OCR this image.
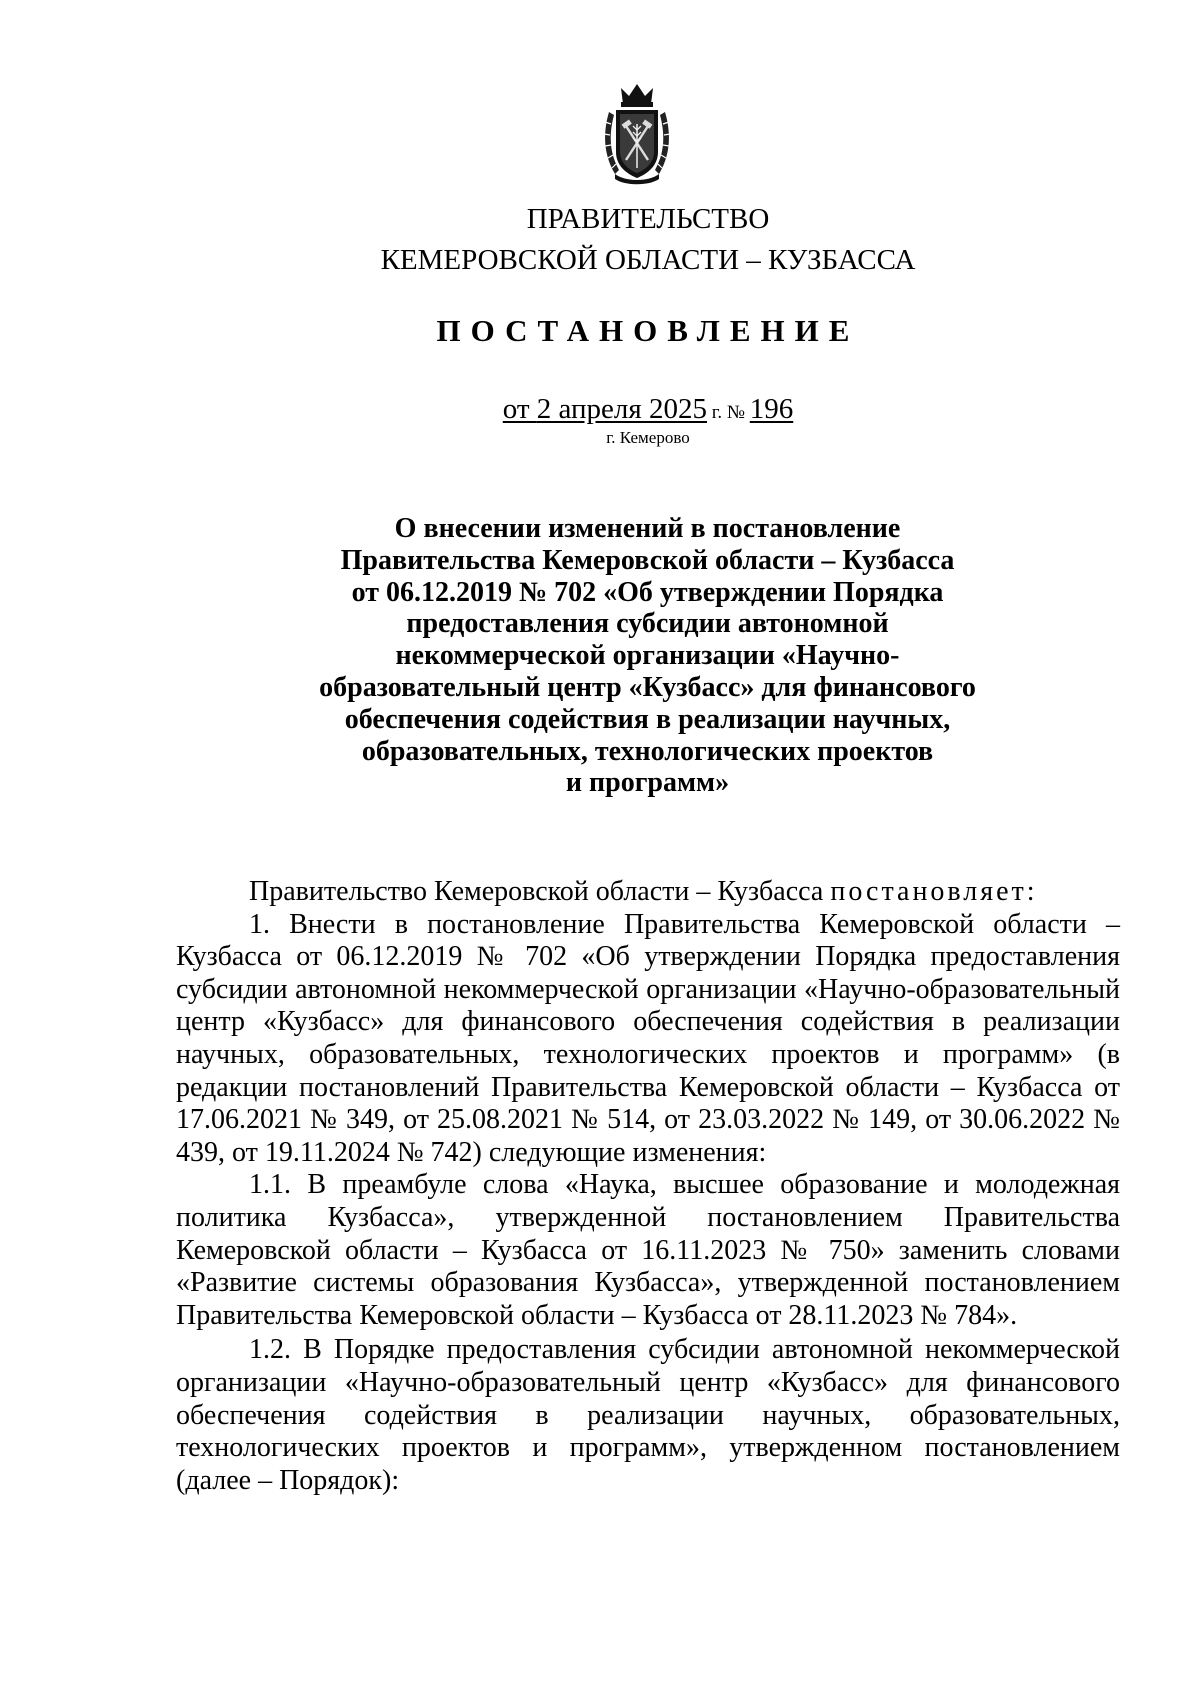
ПРАВИТЕЛЬСТВО
КЕМЕРОВСКОЙ ОБЛАСТИ – КУЗБАССА
ПОСТАНОВЛЕНИЕ
от 2 апреля 2025 г. № 196
г. Кемерово
О внесении изменений в постановление
Правительства Кемеровской области – Кузбасса
от 06.12.2019 № 702 «Об утверждении Порядка
предоставления субсидии автономной
некоммерческой организации «Научно-
образовательный центр «Кузбасс» для финансового
обеспечения содействия в реализации научных,
образовательных, технологических проектов
и программ»

Правительство Кемеровской области – Кузбасса постановляет:

1. Внести в постановление Правительства Кемеровской области – Кузбасса от 06.12.2019 № 702 «Об утверждении Порядка предоставления субсидии автономной некоммерческой организации «Научно-образовательный центр «Кузбасс» для финансового обеспечения содействия в реализации научных, образовательных, технологических проектов и программ» (в редакции постановлений Правительства Кемеровской области – Кузбасса от 17.06.2021 № 349, от 25.08.2021 № 514, от 23.03.2022 № 149, от 30.06.2022 № 439, от 19.11.2024 № 742) следующие изменения:

1.1. В преамбуле слова «Наука, высшее образование и молодежная политика Кузбасса», утвержденной постановлением Правительства Кемеровской области – Кузбасса от 16.11.2023 № 750» заменить словами «Развитие системы образования Кузбасса», утвержденной постановлением Правительства Кемеровской области – Кузбасса от 28.11.2023 № 784».

1.2. В Порядке предоставления субсидии автономной некоммерческой организации «Научно-образовательный центр «Кузбасс» для финансового обеспечения содействия в реализации научных, образовательных, технологических проектов и программ», утвержденном постановлением (далее – Порядок):
